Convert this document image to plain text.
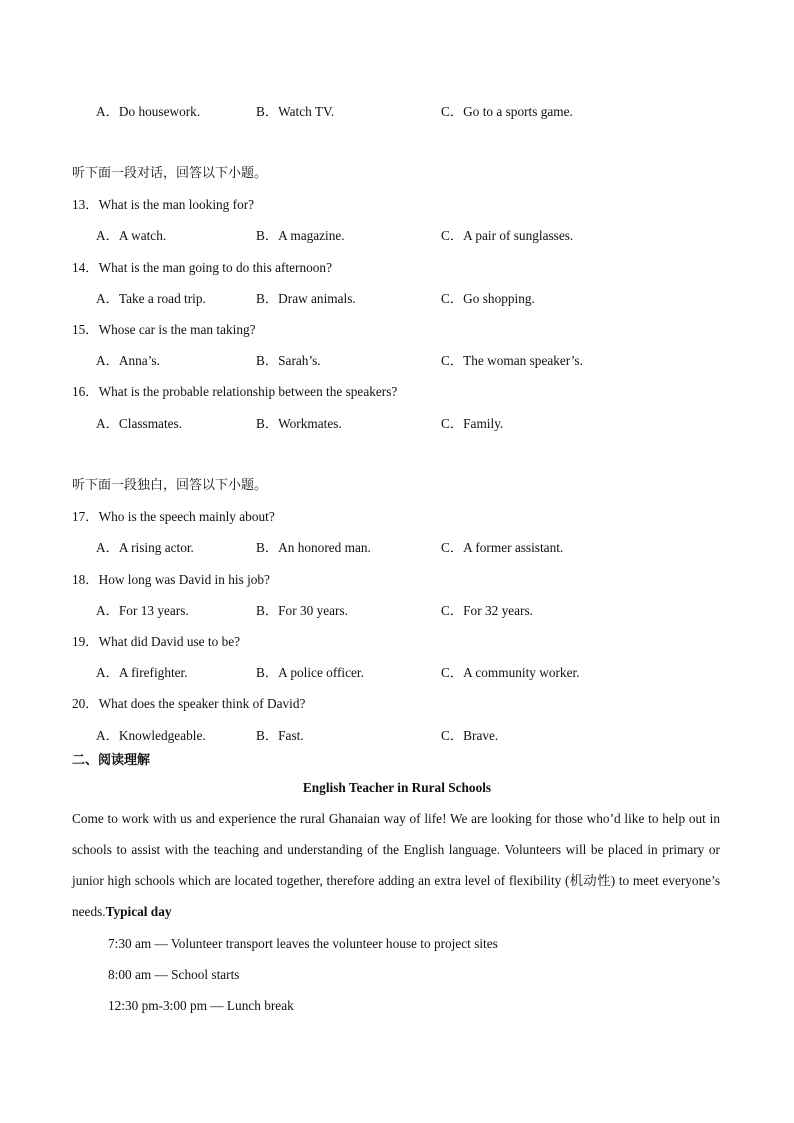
A．Do housework.	B．Watch TV.	C．Go to a sports game.
听下面一段对话，回答以下小题。
13．What is the man looking for?
A．A watch.	B．A magazine.	C．A pair of sunglasses.
14．What is the man going to do this afternoon?
A．Take a road trip.	B．Draw animals.	C．Go shopping.
15．Whose car is the man taking?
A．Anna’s.	B．Sarah’s.	C．The woman speaker’s.
16．What is the probable relationship between the speakers?
A．Classmates.	B．Workmates.	C．Family.
听下面一段独白，回答以下小题。
17．Who is the speech mainly about?
A．A rising actor.	B．An honored man.	C．A former assistant.
18．How long was David in his job?
A．For 13 years.	B．For 30 years.	C．For 32 years.
19．What did David use to be?
A．A firefighter.	B．A police officer.	C．A community worker.
20．What does the speaker think of David?
A．Knowledgeable.	B．Fast.	C．Brave.
二、阅读理解
English Teacher in Rural Schools
Come to work with us and experience the rural Ghanaian way of life! We are looking for those who’d like to help out in schools to assist with the teaching and understanding of the English language. Volunteers will be placed in primary or junior high schools which are located together, therefore adding an extra level of flexibility (机动性) to meet everyone’s needs.Typical day
7:30 am — Volunteer transport leaves the volunteer house to project sites
8:00 am — School starts
12:30 pm-3:00 pm — Lunch break
